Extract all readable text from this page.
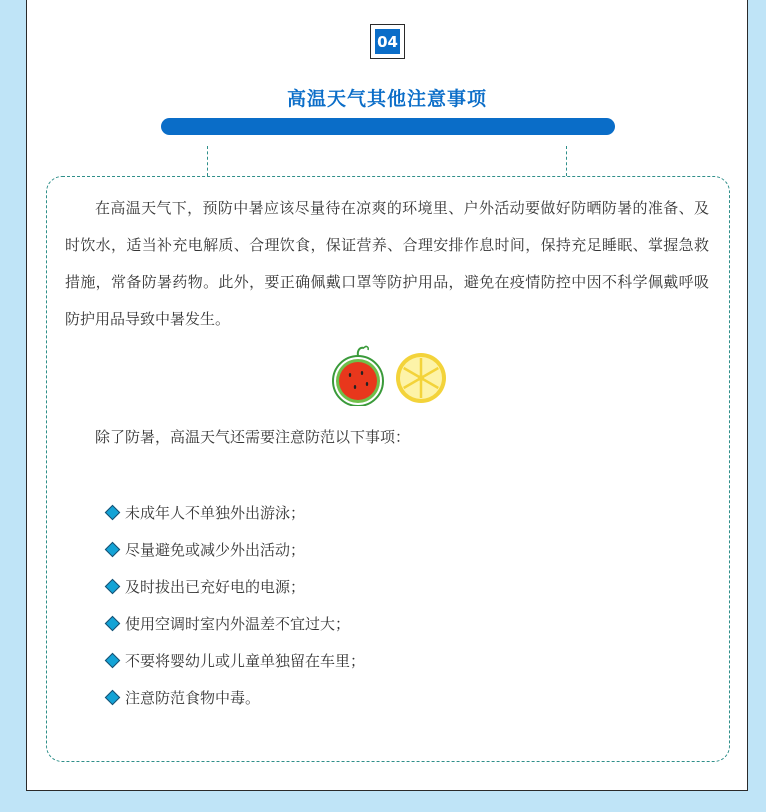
04
高温天气其他注意事项

在高温天气下，预防中暑应该尽量待在凉爽的环境里、户外活动要做好防晒防暑的准备、及时饮水，适当补充电解质、合理饮食，保证营养、合理安排作息时间，保持充足睡眠、掌握急救措施，常备防暑药物。此外，要正确佩戴口罩等防护用品，避免在疫情防控中因不科学佩戴呼吸防护用品导致中暑发生。

除了防暑，高温天气还需要注意防范以下事项：

未成年人不单独外出游泳；
尽量避免或减少外出活动；
及时拔出已充好电的电源；
使用空调时室内外温差不宜过大；
不要将婴幼儿或儿童单独留在车里；
注意防范食物中毒。
